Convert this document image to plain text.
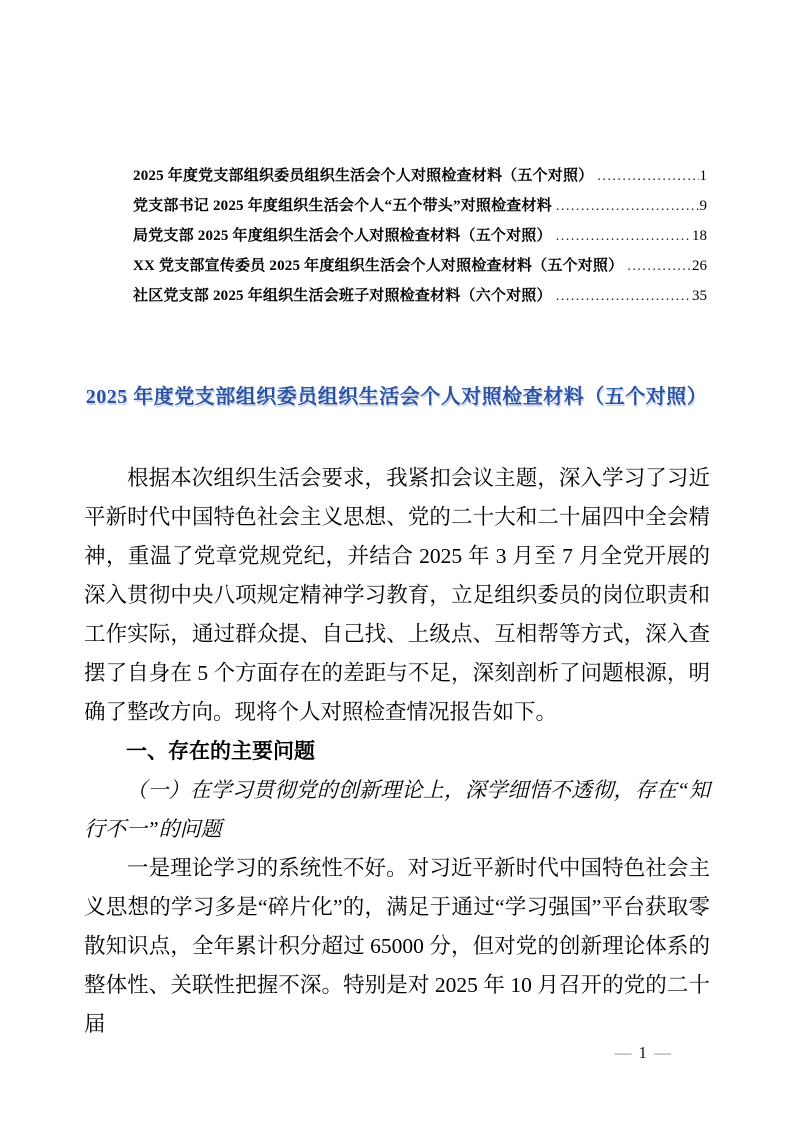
2025 年度党支部组织委员组织生活会个人对照检查材料（五个对照） .....	1
党支部书记 2025 年度组织生活会个人“五个带头”对照检查材料 .....	9
局党支部 2025 年度组织生活会个人对照检查材料（五个对照） .....	18
XX 党支部宣传委员 2025 年度组织生活会个人对照检查材料（五个对照） .....	26
社区党支部 2025 年组织生活会班子对照检查材料（六个对照） .....	35
2025 年度党支部组织委员组织生活会个人对照检查材料（五个对照）

根据本次组织生活会要求，我紧扣会议主题，深入学习了习近平新时代中国特色社会主义思想、党的二十大和二十届四中全会精神，重温了党章党规党纪，并结合 2025 年 3 月至 7 月全党开展的深入贯彻中央八项规定精神学习教育，立足组织委员的岗位职责和工作实际，通过群众提、自己找、上级点、互相帮等方式，深入查摆了自身在 5 个方面存在的差距与不足，深刻剖析了问题根源，明确了整改方向。现将个人对照检查情况报告如下。

一、存在的主要问题

（一）在学习贯彻党的创新理论上，深学细悟不透彻，存在“知行不一”的问题

一是理论学习的系统性不好。对习近平新时代中国特色社会主义思想的学习多是“碎片化”的，满足于通过“学习强国”平台获取零散知识点，全年累计积分超过 65000 分，但对党的创新理论体系的整体性、关联性把握不深。特别是对 2025 年 10 月召开的党的二十届

— 1 —
